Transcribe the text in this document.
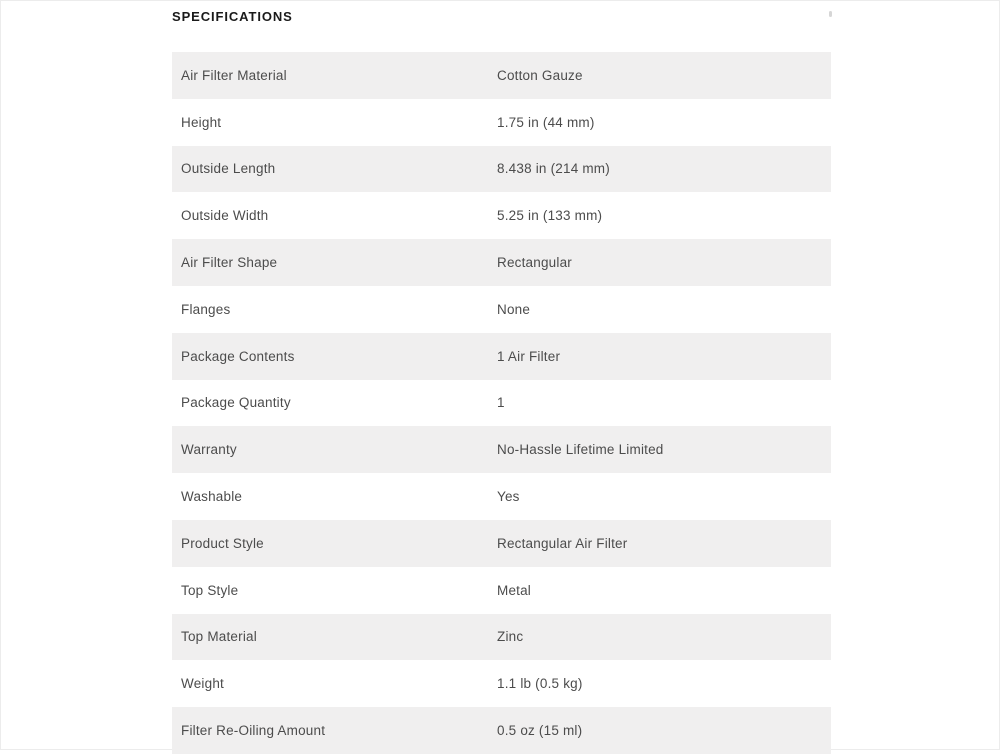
SPECIFICATIONS
Air Filter Material	Cotton Gauze
Height	1.75 in (44 mm)
Outside Length	8.438 in (214 mm)
Outside Width	5.25 in (133 mm)
Air Filter Shape	Rectangular
Flanges	None
Package Contents	1 Air Filter
Package Quantity	1
Warranty	No-Hassle Lifetime Limited
Washable	Yes
Product Style	Rectangular Air Filter
Top Style	Metal
Top Material	Zinc
Weight	1.1 lb (0.5 kg)
Filter Re-Oiling Amount	0.5 oz (15 ml)
